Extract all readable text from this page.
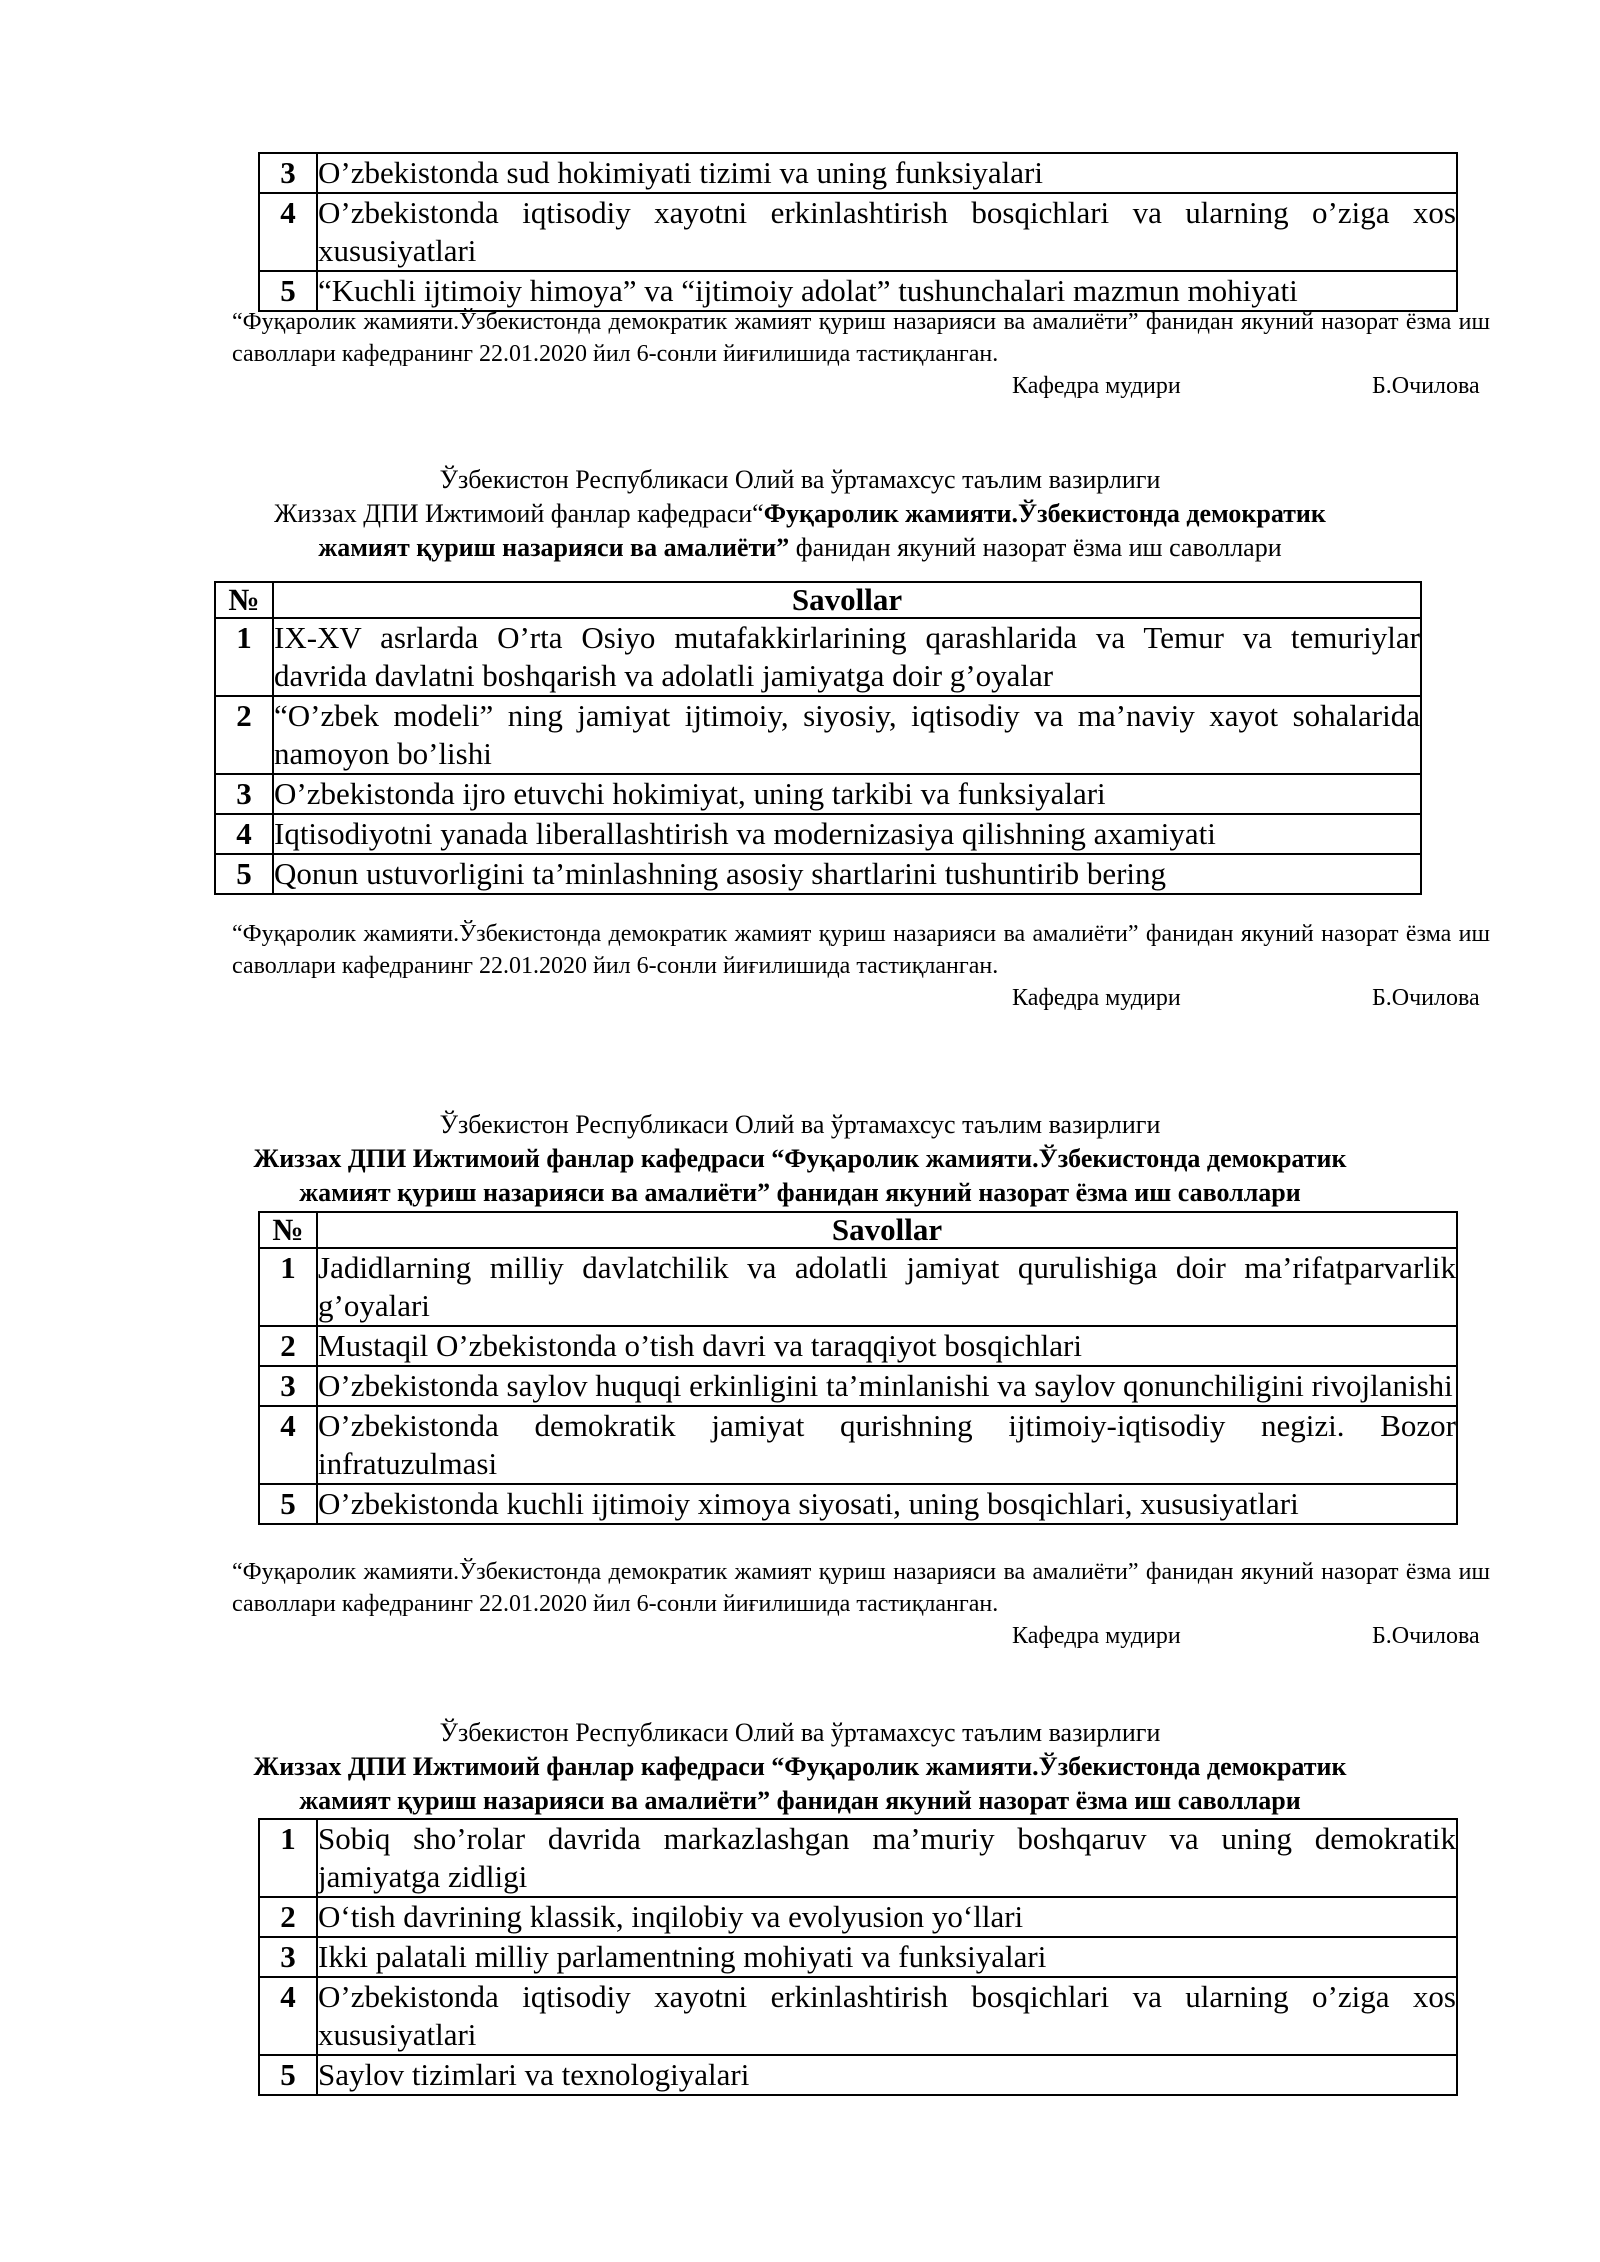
3	O’zbekistonda sud hokimiyati tizimi va uning funksiyalari
4	O’zbekistonda iqtisodiy xayotni erkinlashtirish bosqichlari va ularning o’ziga xos xususiyatlari
5	“Kuchli ijtimoiy himoya” va “ijtimoiy adolat” tushunchalari mazmun mohiyati
“Фуқаролик жамияти.Ўзбекистонда демократик жамият қуриш назарияси ва амалиёти” фанидан якуний назорат ёзма иш саволлари кафедранинг 22.01.2020 йил 6-сонли йиғилишида тастиқланган.
Кафедра мудири	Б.Очилова
Ўзбекистон Республикаси Олий ва ўртамахсус таълим вазирлиги
Жиззах ДПИ Ижтимоий фанлар кафедраси“Фуқаролик жамияти.Ўзбекистонда демократик
жамият қуриш назарияси ва амалиёти” фанидан якуний назорат ёзма иш саволлари
№	Savollar
1	IX-XV asrlarda O’rta Osiyo mutafakkirlarining qarashlarida va Temur va temuriylar davrida davlatni boshqarish va adolatli jamiyatga doir g’oyalar
2	“O’zbek modeli” ning jamiyat ijtimoiy, siyosiy, iqtisodiy va ma’naviy xayot sohalarida namoyon bo’lishi
3	O’zbekistonda ijro etuvchi hokimiyat, uning tarkibi va funksiyalari
4	Iqtisodiyotni yanada liberallashtirish va modernizasiya qilishning axamiyati
5	Qonun ustuvorligini ta’minlashning asosiy shartlarini tushuntirib bering
“Фуқаролик жамияти.Ўзбекистонда демократик жамият қуриш назарияси ва амалиёти” фанидан якуний назорат ёзма иш саволлари кафедранинг 22.01.2020 йил 6-сонли йиғилишида тастиқланган.
Кафедра мудири	Б.Очилова
Ўзбекистон Республикаси Олий ва ўртамахсус таълим вазирлиги
Жиззах ДПИ Ижтимоий фанлар кафедраси “Фуқаролик жамияти.Ўзбекистонда демократик
жамият қуриш назарияси ва амалиёти” фанидан якуний назорат ёзма иш саволлари
№	Savollar
1	Jadidlarning milliy davlatchilik va adolatli jamiyat qurulishiga doir ma’rifatparvarlik g’oyalari
2	Mustaqil O’zbekistonda o’tish davri va taraqqiyot bosqichlari
3	O’zbekistonda saylov huquqi erkinligini ta’minlanishi va saylov qonunchiligini rivojlanishi
4	O’zbekistonda demokratik jamiyat qurishning ijtimoiy-iqtisodiy negizi. Bozor infratuzulmasi
5	O’zbekistonda kuchli ijtimoiy ximoya siyosati, uning bosqichlari, xususiyatlari
“Фуқаролик жамияти.Ўзбекистонда демократик жамият қуриш назарияси ва амалиёти” фанидан якуний назорат ёзма иш саволлари кафедранинг 22.01.2020 йил 6-сонли йиғилишида тастиқланган.
Кафедра мудири	Б.Очилова
Ўзбекистон Республикаси Олий ва ўртамахсус таълим вазирлиги
Жиззах ДПИ Ижтимоий фанлар кафедраси “Фуқаролик жамияти.Ўзбекистонда демократик
жамият қуриш назарияси ва амалиёти” фанидан якуний назорат ёзма иш саволлари
1	Sobiq sho’rolar davrida markazlashgan ma’muriy boshqaruv va uning demokratik jamiyatga zidligi
2	O‘tish davrining klassik, inqilobiy va evolyusion yo‘llari
3	Ikki palatali milliy parlamentning mohiyati va funksiyalari
4	O’zbekistonda iqtisodiy xayotni erkinlashtirish bosqichlari va ularning o’ziga xos xususiyatlari
5	Saylov tizimlari va texnologiyalari
